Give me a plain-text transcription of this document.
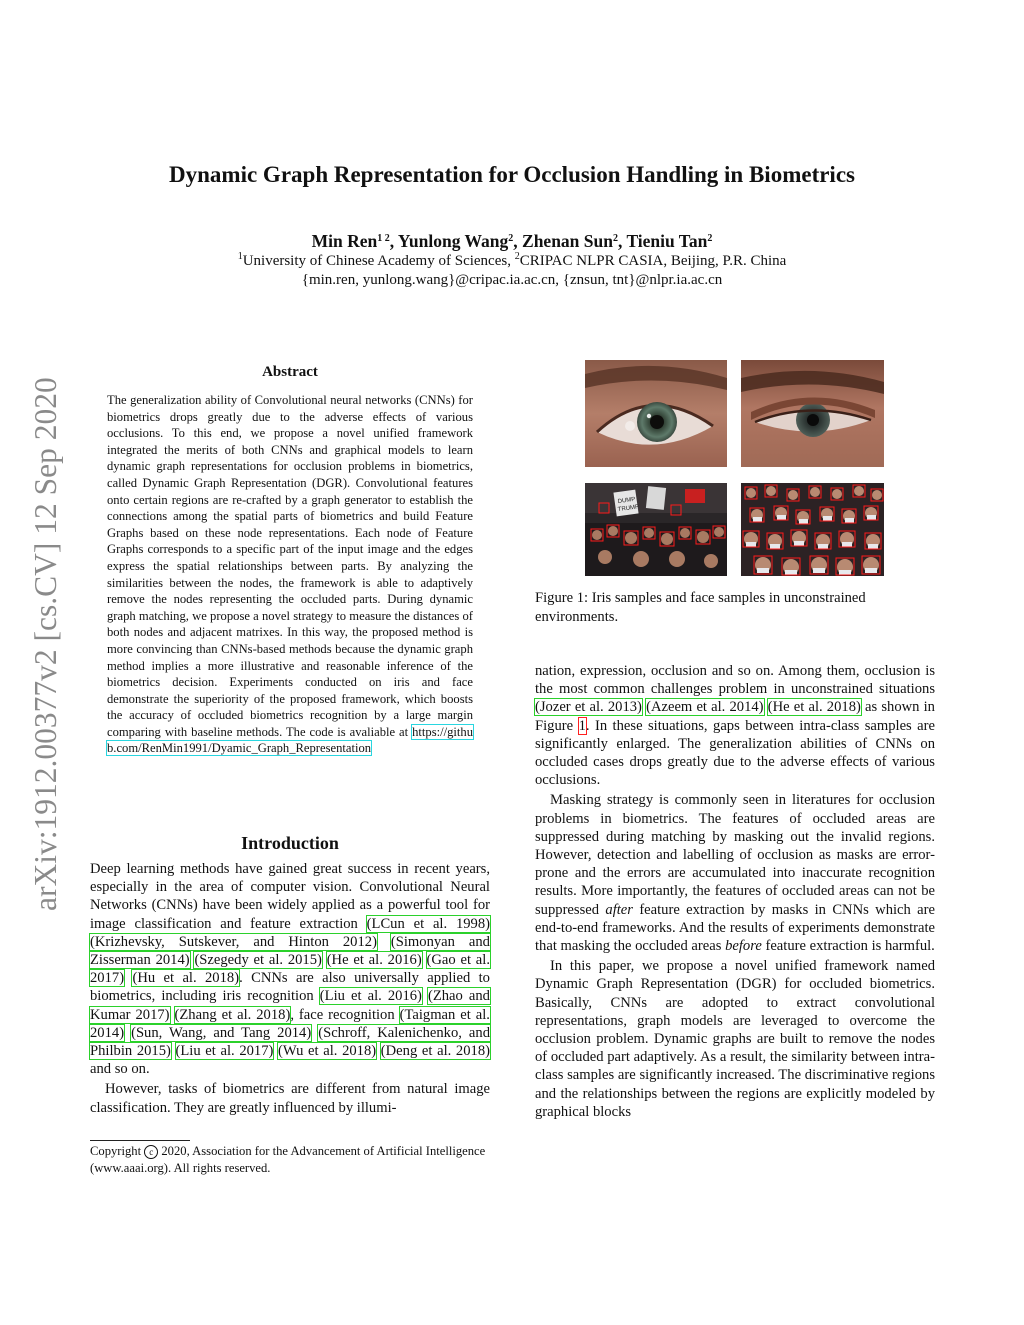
arXiv:1912.00377v2 [cs.CV] 12 Sep 2020
Dynamic Graph Representation for Occlusion Handling in Biometrics
Min Ren$^{1 2}$, Yunlong Wang$^2$, Zhenan Sun$^2$, Tieniu Tan$^2$
$^1$University of Chinese Academy of Sciences, $^2$CRIPAC NLPR CASIA, Beijing, P.R. China
{min.ren, yunlong.wang}@cripac.ia.ac.cn, {znsun, tnt}@nlpr.ia.ac.cn
Abstract

The generalization ability of Convolutional neural networks (CNNs) for biometrics drops greatly due to the adverse effects of various occlusions. To this end, we propose a novel unified framework integrated the merits of both CNNs and graphical models to learn dynamic graph representations for occlusion problems in biometrics, called Dynamic Graph Representation (DGR). Convolutional features onto certain regions are re-crafted by a graph generator to establish the connections among the spatial parts of biometrics and build Feature Graphs based on these node representations. Each node of Feature Graphs corresponds to a specific part of the input image and the edges express the spatial relationships between parts. By analyzing the similarities between the nodes, the framework is able to adaptively remove the nodes representing the occluded parts. During dynamic graph matching, we propose a novel strategy to measure the distances of both nodes and adjacent matrixes. In this way, the proposed method is more convincing than CNNs-based methods because the dynamic graph method implies a more illustrative and reasonable inference of the biometrics decision. Experiments conducted on iris and face demonstrate the superiority of the proposed framework, which boosts the accuracy of occluded biometrics recognition by a large margin comparing with baseline methods. The code is avaliable at https://github.com/RenMin1991/Dyamic_Graph_Representation

Introduction

Deep learning methods have gained great success in recent years, especially in the area of computer vision. Convolutional Neural Networks (CNNs) have been widely applied as a powerful tool for image classification and feature extraction (LCun et al. 1998) (Krizhevsky, Sutskever, and Hinton 2012) (Simonyan and Zisserman 2014) (Szegedy et al. 2015) (He et al. 2016) (Gao et al. 2017) (Hu et al. 2018). CNNs are also universally applied to biometrics, including iris recognition (Liu et al. 2016) (Zhao and Kumar 2017) (Zhang et al. 2018), face recognition (Taigman et al. 2014) (Sun, Wang, and Tang 2014) (Schroff, Kalenichenko, and Philbin 2015) (Liu et al. 2017) (Wu et al. 2018) (Deng et al. 2018) and so on.

However, tasks of biometrics are different from natural image classification. They are greatly influenced by illumi-

Copyright c 2020, Association for the Advancement of Artificial Intelligence (www.aaai.org). All rights reserved.
DUMP
TRUMP
Figure 1: Iris samples and face samples in unconstrained environments.

nation, expression, occlusion and so on. Among them, occlusion is the most common challenges problem in unconstrained situations (Jozer et al. 2013) (Azeem et al. 2014) (He et al. 2018) as shown in Figure 1. In these situations, gaps between intra-class samples are significantly enlarged. The generalization abilities of CNNs on occluded cases drops greatly due to the adverse effects of various occlusions.

Masking strategy is commonly seen in literatures for occlusion problems in biometrics. The features of occluded areas are suppressed during matching by masking out the invalid regions. However, detection and labelling of occlusion as masks are error-prone and the errors are accumulated into inaccurate recognition results. More importantly, the features of occluded areas can not be suppressed after feature extraction by masks in CNNs which are end-to-end frameworks. And the results of experiments demonstrate that masking the occluded areas before feature extraction is harmful.

In this paper, we propose a novel unified framework named Dynamic Graph Representation (DGR) for occluded biometrics. Basically, CNNs are adopted to extract convolutional representations, graph models are leveraged to overcome the occlusion problem. Dynamic graphs are built to remove the nodes of occluded part adaptively. As a result, the similarity between intra-class samples are significantly increased. The discriminative regions and the relationships between the regions are explicitly modeled by graphical blocks
